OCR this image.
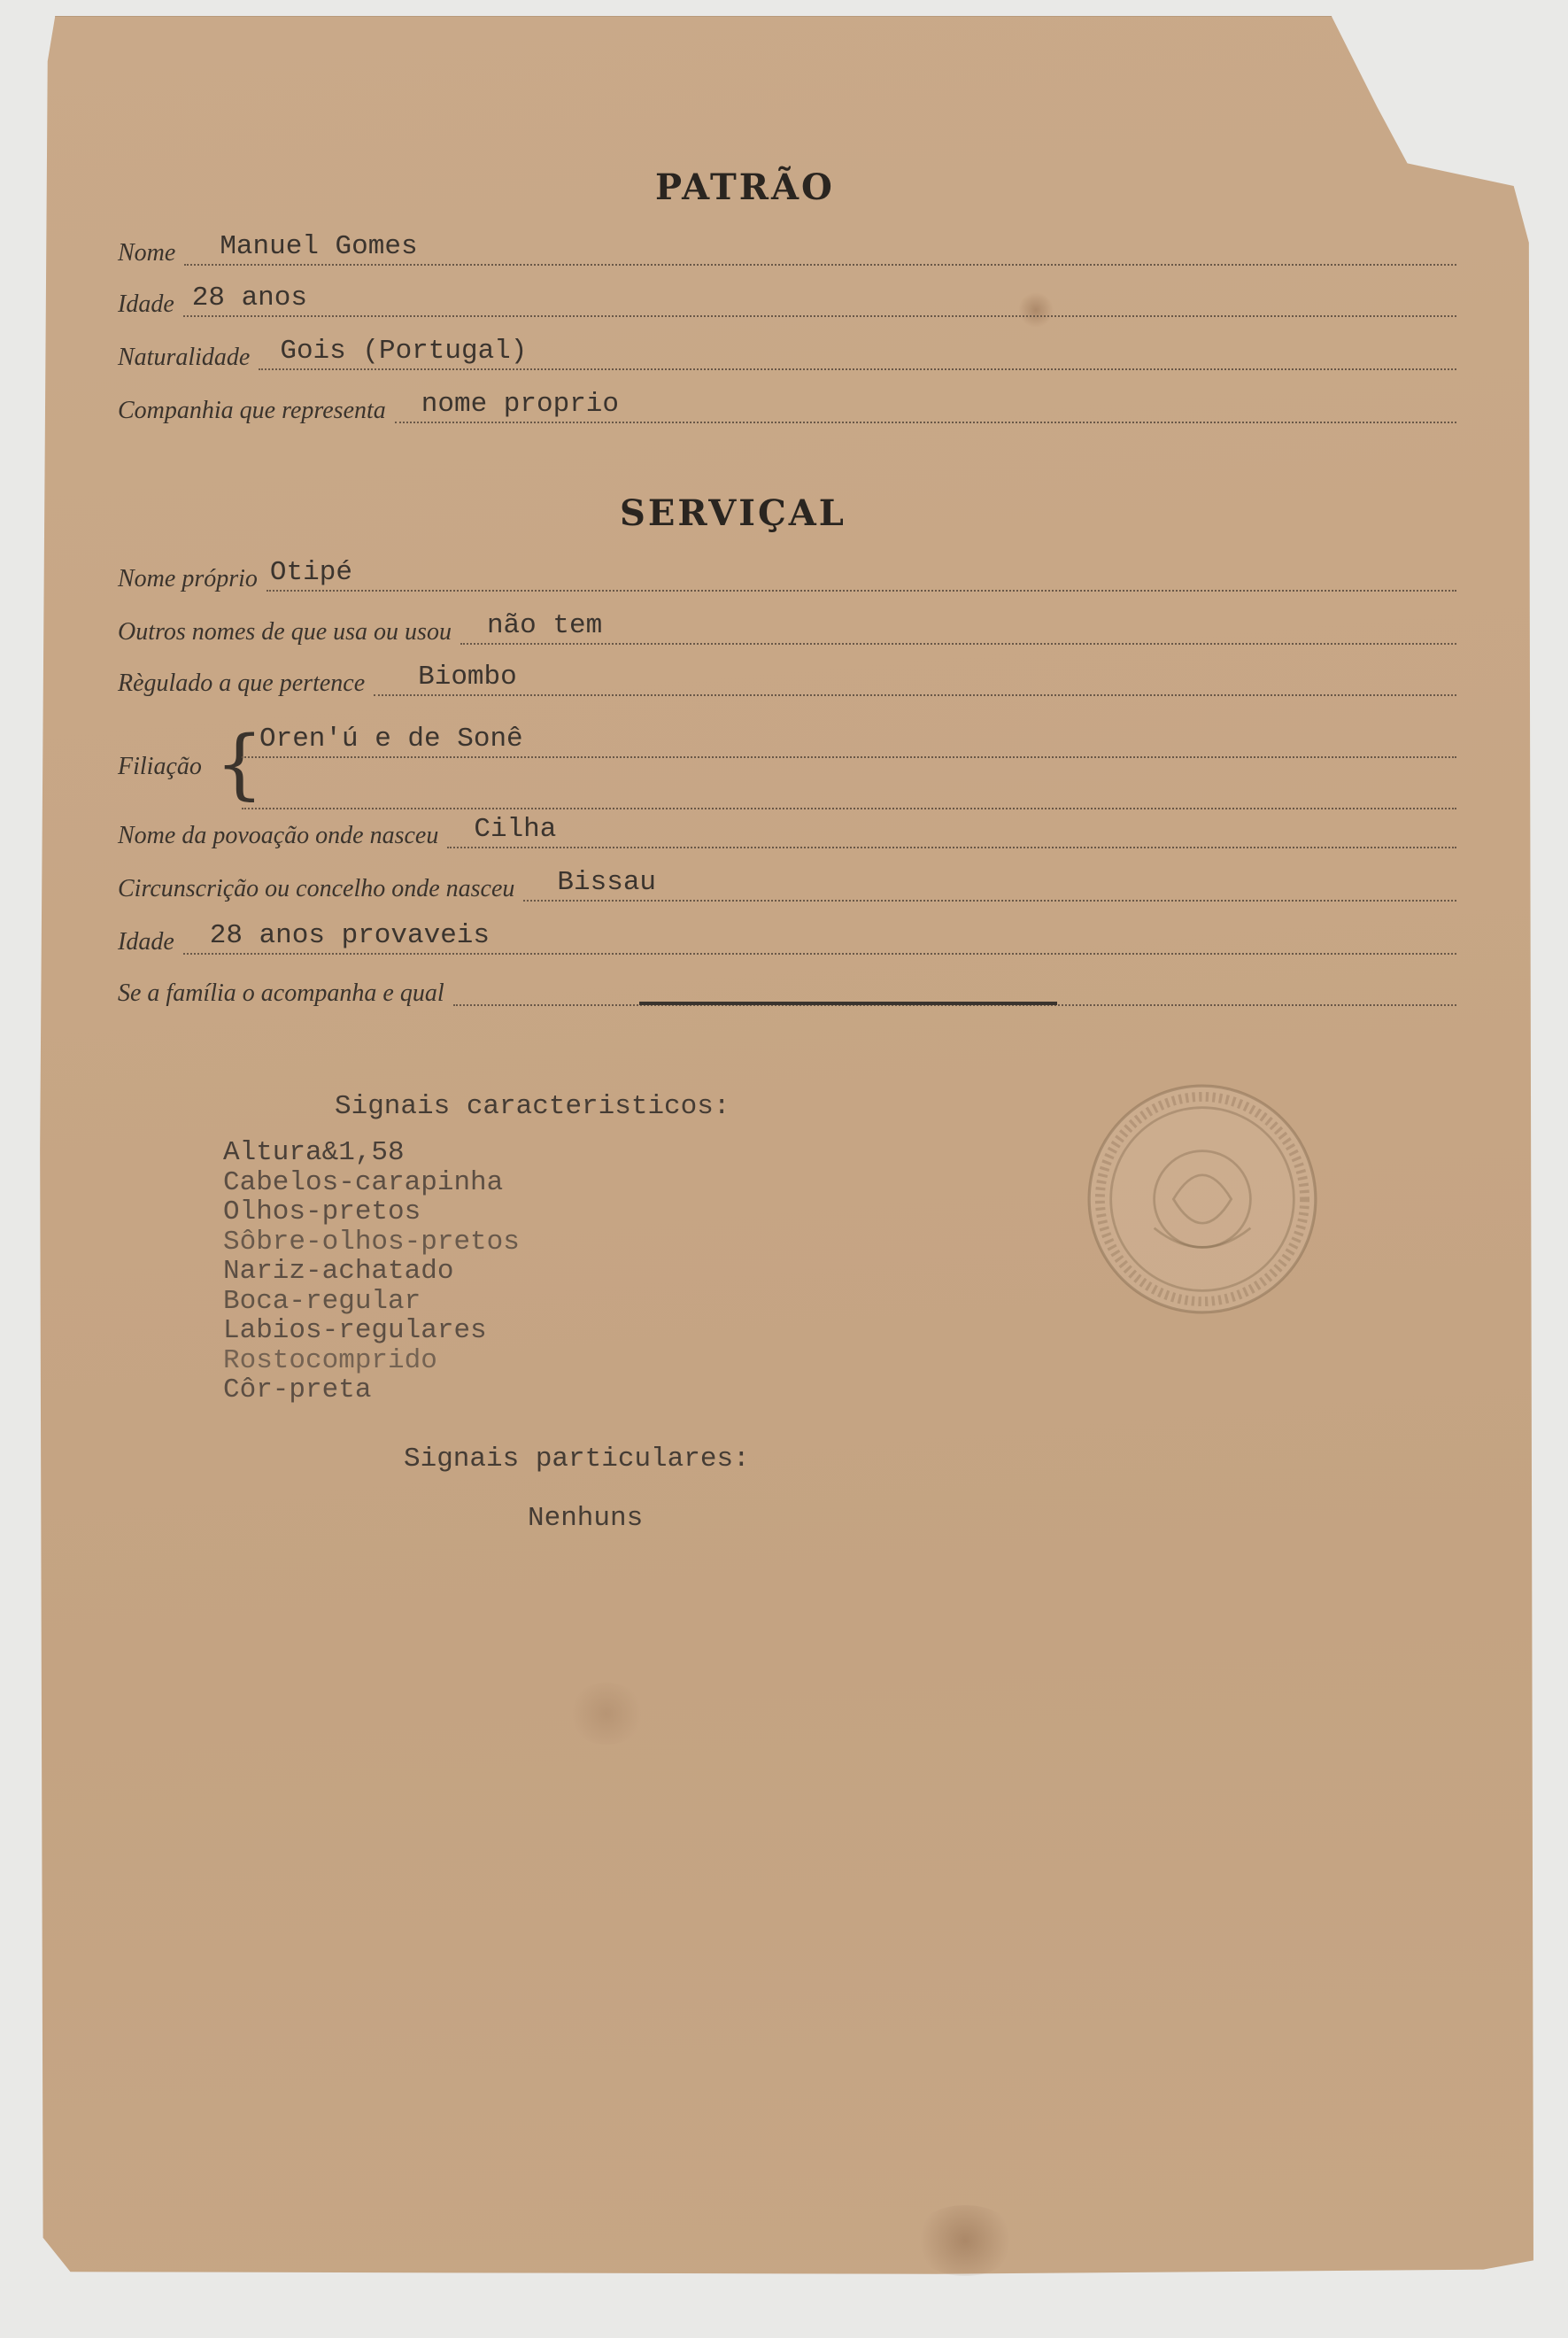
PATRÃO
Nome	Manuel Gomes
Idade 28 anos
Naturalidade	Gois (Portugal)
Companhia que representa	nome proprio
SERVIÇAL
Nome próprio Otipé
Outros nomes de que usa ou usou	não tem
Règulado a que pertence	Biombo
Filiação {
Oren'ú e de Sonê
Nome da povoação onde nasceu	Cilha
Circunscrição ou concelho onde nasceu	Bissau
Idade	28 anos provaveis
Se a família o acompanha e qual
Signais caracteristicos:
Altura&1,58
Cabelos-carapinha
Olhos-pretos
Sôbre-olhos-pretos
Nariz-achatado
Boca-regular
Labios-regulares
Rostocomprido
Côr-preta
Signais particulares:
Nenhuns
